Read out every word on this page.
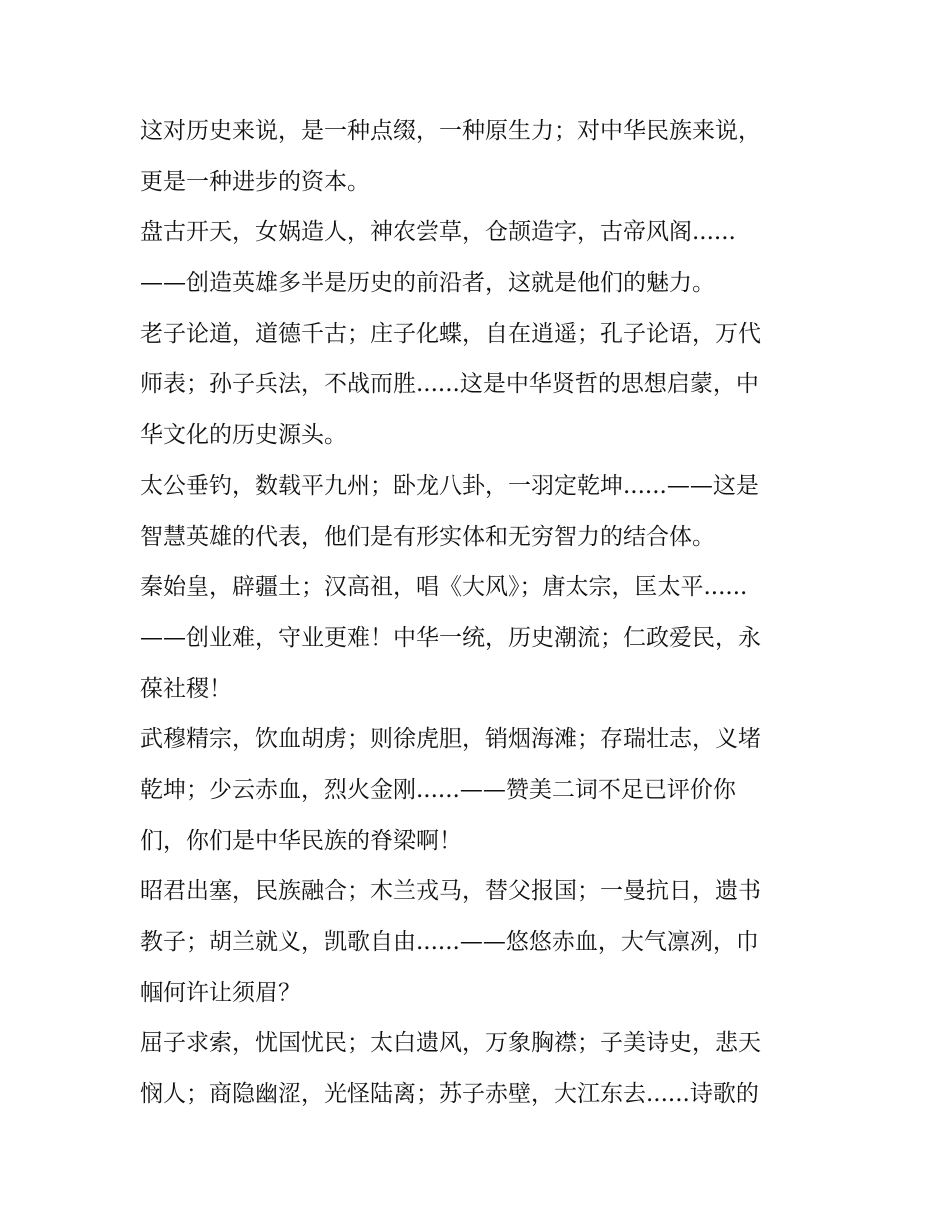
这对历史来说，是一种点缀，一种原生力；对中华民族来说，
更是一种进步的资本。
盘古开天，女娲造人，神农尝草，仓颉造字，古帝风阁......
——创造英雄多半是历史的前沿者，这就是他们的魅力。
老子论道，道德千古；庄子化蝶，自在逍遥；孔子论语，万代
师表；孙子兵法，不战而胜......这是中华贤哲的思想启蒙，中
华文化的历史源头。
太公垂钓，数载平九州；卧龙八卦，一羽定乾坤......——这是
智慧英雄的代表，他们是有形实体和无穷智力的结合体。
秦始皇，辟疆土；汉高祖，唱《大风》；唐太宗，匡太平......
——创业难，守业更难！中华一统，历史潮流；仁政爱民，永
葆社稷！
武穆精宗，饮血胡虏；则徐虎胆，销烟海滩；存瑞壮志，义堵
乾坤；少云赤血，烈火金刚......——赞美二词不足已评价你
们，你们是中华民族的脊梁啊！
昭君出塞，民族融合；木兰戎马，替父报国；一曼抗日，遗书
教子；胡兰就义，凯歌自由......——悠悠赤血，大气凛冽，巾
帼何许让须眉？
屈子求索，忧国忧民；太白遗风，万象胸襟；子美诗史，悲天
悯人；商隐幽涩，光怪陆离；苏子赤壁，大江东去......诗歌的
